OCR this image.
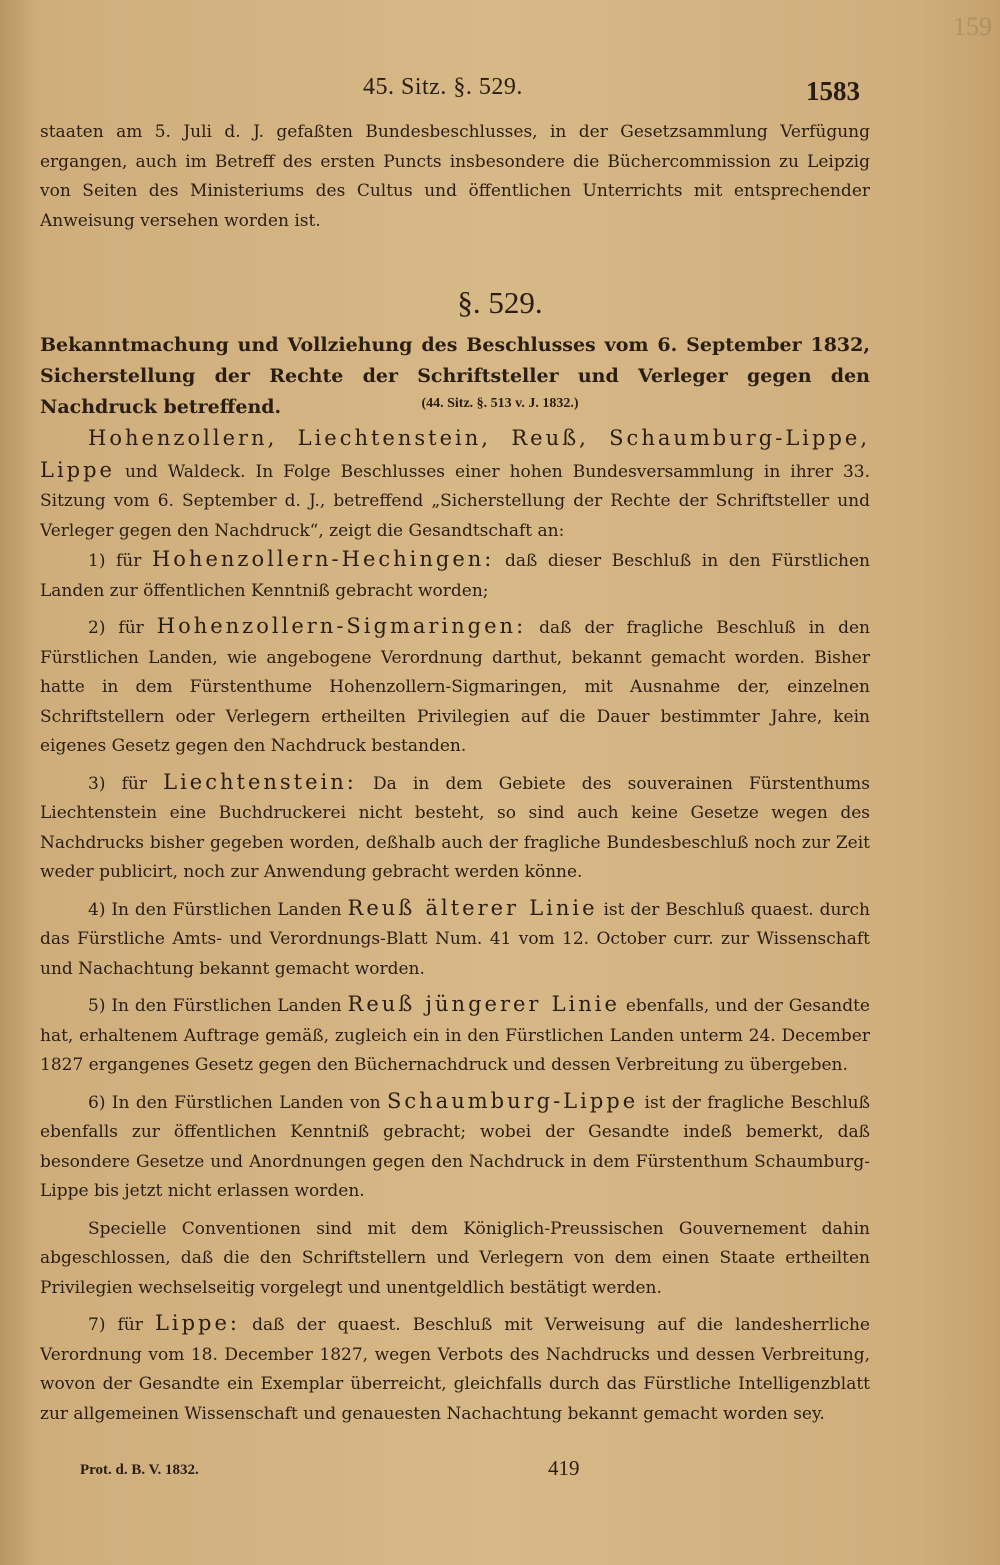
159
45. Sitz. §. 529.	1583
staaten am 5. Juli d. J. gefaßten Bundesbeschlusses, in der Gesetzsammlung Verfügung ergangen, auch im Betreff des ersten Puncts insbesondere die Büchercommission zu Leipzig von Seiten des Ministeriums des Cultus und öffentlichen Unterrichts mit entsprechender Anweisung versehen worden ist.
§. 529.
Bekanntmachung und Vollziehung des Beschlusses vom 6. September 1832, Sicherstellung der Rechte der Schriftsteller und Verleger gegen den Nachdruck betreffend.	(44. Sitz. §. 513 v. J. 1832.)

Hohenzollern, Liechtenstein, Reuß, Schaumburg-Lippe, Lippe und Waldeck. In Folge Beschlusses einer hohen Bundesversammlung in ihrer 33. Sitzung vom 6. September d. J., betreffend „Sicherstellung der Rechte der Schriftsteller und Verleger gegen den Nachdruck“, zeigt die Gesandtschaft an:

1) für Hohenzollern-Hechingen: daß dieser Beschluß in den Fürstlichen Landen zur öffentlichen Kenntniß gebracht worden;

2) für Hohenzollern-Sigmaringen: daß der fragliche Beschluß in den Fürstlichen Landen, wie angebogene Verordnung darthut, bekannt gemacht worden. Bisher hatte in dem Fürstenthume Hohenzollern-Sigmaringen, mit Ausnahme der, einzelnen Schriftstellern oder Verlegern ertheilten Privilegien auf die Dauer bestimmter Jahre, kein eigenes Gesetz gegen den Nachdruck bestanden.

3) für Liechtenstein: Da in dem Gebiete des souverainen Fürstenthums Liechtenstein eine Buchdruckerei nicht besteht, so sind auch keine Gesetze wegen des Nachdrucks bisher gegeben worden, deßhalb auch der fragliche Bundesbeschluß noch zur Zeit weder publicirt, noch zur Anwendung gebracht werden könne.

4) In den Fürstlichen Landen Reuß älterer Linie ist der Beschluß quaest. durch das Fürstliche Amts- und Verordnungs-Blatt Num. 41 vom 12. October curr. zur Wissenschaft und Nachachtung bekannt gemacht worden.

5) In den Fürstlichen Landen Reuß jüngerer Linie ebenfalls, und der Gesandte hat, erhaltenem Auftrage gemäß, zugleich ein in den Fürstlichen Landen unterm 24. December 1827 ergangenes Gesetz gegen den Büchernachdruck und dessen Verbreitung zu übergeben.

6) In den Fürstlichen Landen von Schaumburg-Lippe ist der fragliche Beschluß ebenfalls zur öffentlichen Kenntniß gebracht; wobei der Gesandte indeß bemerkt, daß besondere Gesetze und Anordnungen gegen den Nachdruck in dem Fürstenthum Schaumburg-Lippe bis jetzt nicht erlassen worden.

Specielle Conventionen sind mit dem Königlich-Preussischen Gouvernement dahin abgeschlossen, daß die den Schriftstellern und Verlegern von dem einen Staate ertheilten Privilegien wechselseitig vorgelegt und unentgeldlich bestätigt werden.

7) für Lippe: daß der quaest. Beschluß mit Verweisung auf die landesherrliche Verordnung vom 18. December 1827, wegen Verbots des Nachdrucks und dessen Verbreitung, wovon der Gesandte ein Exemplar überreicht, gleichfalls durch das Fürstliche Intelligenzblatt zur allgemeinen Wissenschaft und genauesten Nachachtung bekannt gemacht worden sey.

Prot. d. B. V. 1832.	419
